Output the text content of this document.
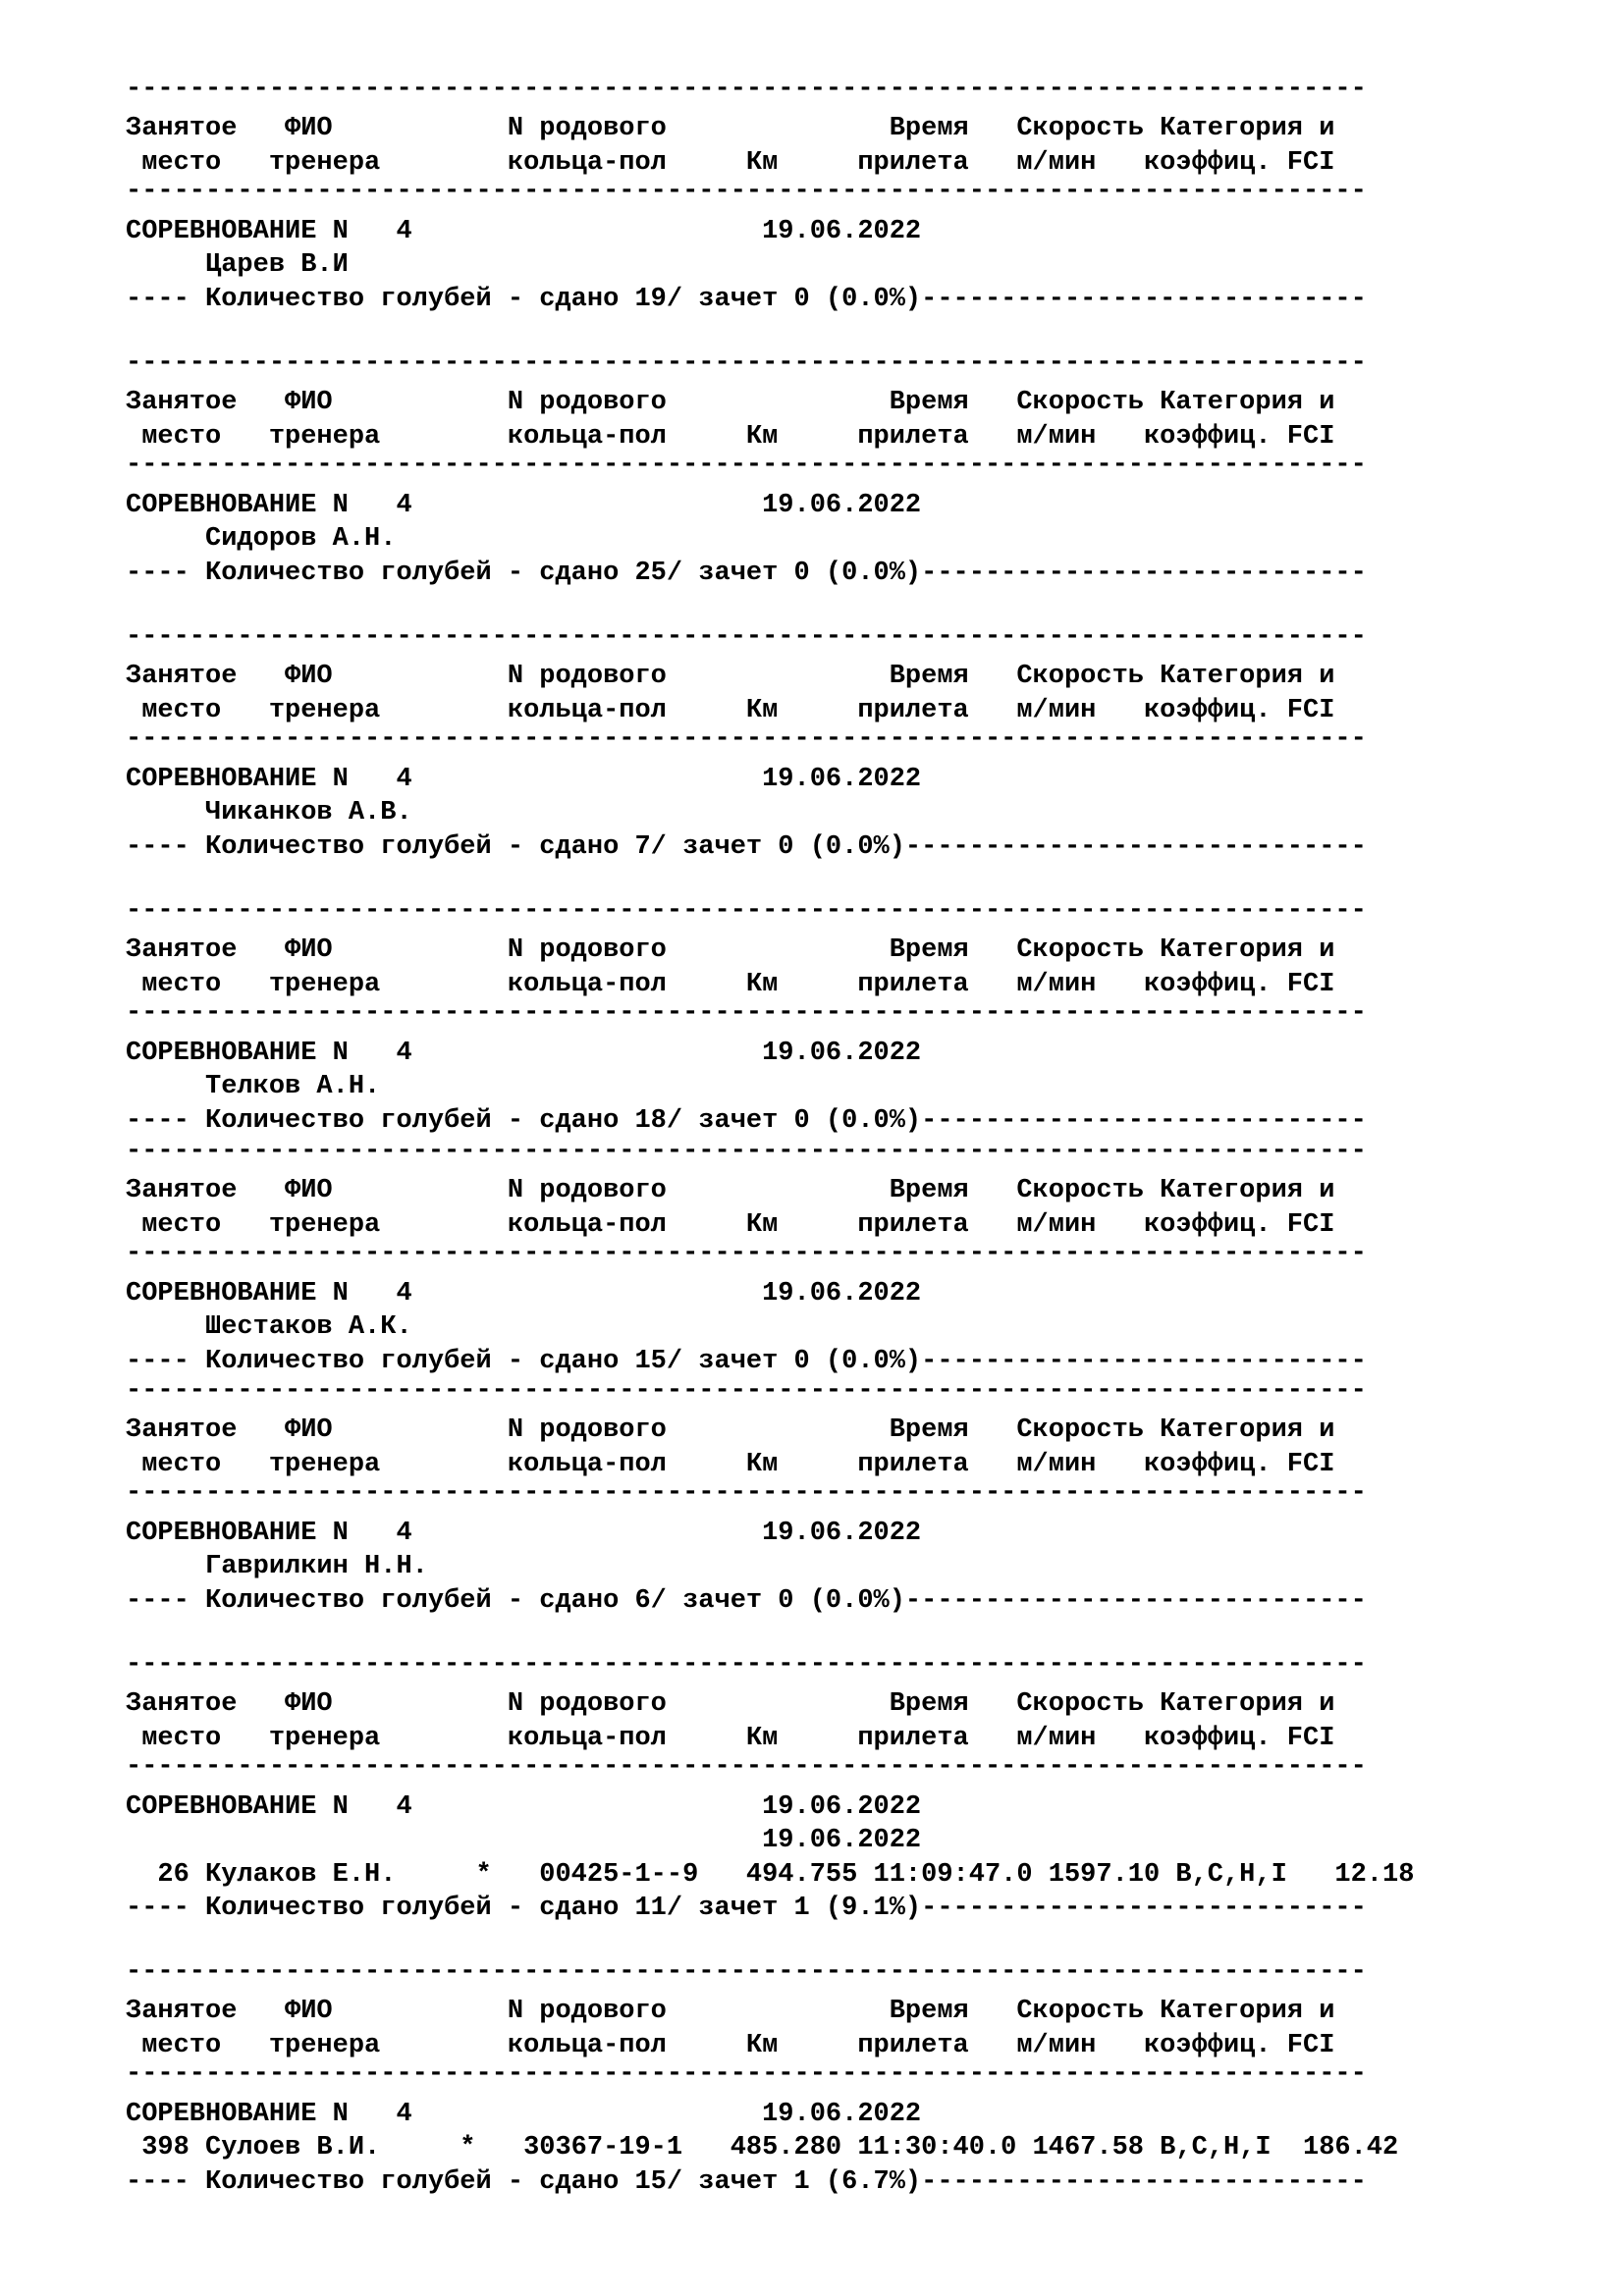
------------------------------------------------------------------------------
Занятое   ФИО           N родового              Время   Скорость Категория и
место   тренера        кольца-пол     Км     прилета   м/мин   коэффиц. FCI
------------------------------------------------------------------------------
СОРЕВНОВАНИЕ N   4                      19.06.2022
Царев В.И
---- Количество голубей - сдано 19/ зачет 0 (0.0%)----------------------------
------------------------------------------------------------------------------
Занятое   ФИО           N родового              Время   Скорость Категория и
место   тренера        кольца-пол     Км     прилета   м/мин   коэффиц. FCI
------------------------------------------------------------------------------
СОРЕВНОВАНИЕ N   4                      19.06.2022
Сидоров А.Н.
---- Количество голубей - сдано 25/ зачет 0 (0.0%)----------------------------
------------------------------------------------------------------------------
Занятое   ФИО           N родового              Время   Скорость Категория и
место   тренера        кольца-пол     Км     прилета   м/мин   коэффиц. FCI
------------------------------------------------------------------------------
СОРЕВНОВАНИЕ N   4                      19.06.2022
Чиканков А.В.
---- Количество голубей - сдано 7/ зачет 0 (0.0%)-----------------------------
------------------------------------------------------------------------------
Занятое   ФИО           N родового              Время   Скорость Категория и
место   тренера        кольца-пол     Км     прилета   м/мин   коэффиц. FCI
------------------------------------------------------------------------------
СОРЕВНОВАНИЕ N   4                      19.06.2022
Телков А.Н.
---- Количество голубей - сдано 18/ зачет 0 (0.0%)----------------------------
------------------------------------------------------------------------------
Занятое   ФИО           N родового              Время   Скорость Категория и
место   тренера        кольца-пол     Км     прилета   м/мин   коэффиц. FCI
------------------------------------------------------------------------------
СОРЕВНОВАНИЕ N   4                      19.06.2022
Шестаков А.К.
---- Количество голубей - сдано 15/ зачет 0 (0.0%)----------------------------
------------------------------------------------------------------------------
Занятое   ФИО           N родового              Время   Скорость Категория и
место   тренера        кольца-пол     Км     прилета   м/мин   коэффиц. FCI
------------------------------------------------------------------------------
СОРЕВНОВАНИЕ N   4                      19.06.2022
Гаврилкин Н.Н.
---- Количество голубей - сдано 6/ зачет 0 (0.0%)-----------------------------
------------------------------------------------------------------------------
Занятое   ФИО           N родового              Время   Скорость Категория и
место   тренера        кольца-пол     Км     прилета   м/мин   коэффиц. FCI
------------------------------------------------------------------------------
СОРЕВНОВАНИЕ N   4                      19.06.2022
19.06.2022
26 Кулаков Е.Н.     *   00425-1--9   494.755 11:09:47.0 1597.10 B,C,H,I   12.18
---- Количество голубей - сдано 11/ зачет 1 (9.1%)----------------------------
------------------------------------------------------------------------------
Занятое   ФИО           N родового              Время   Скорость Категория и
место   тренера        кольца-пол     Км     прилета   м/мин   коэффиц. FCI
------------------------------------------------------------------------------
СОРЕВНОВАНИЕ N   4                      19.06.2022
398 Сулоев В.И.     *   30367-19-1   485.280 11:30:40.0 1467.58 B,C,H,I  186.42
---- Количество голубей - сдано 15/ зачет 1 (6.7%)----------------------------
